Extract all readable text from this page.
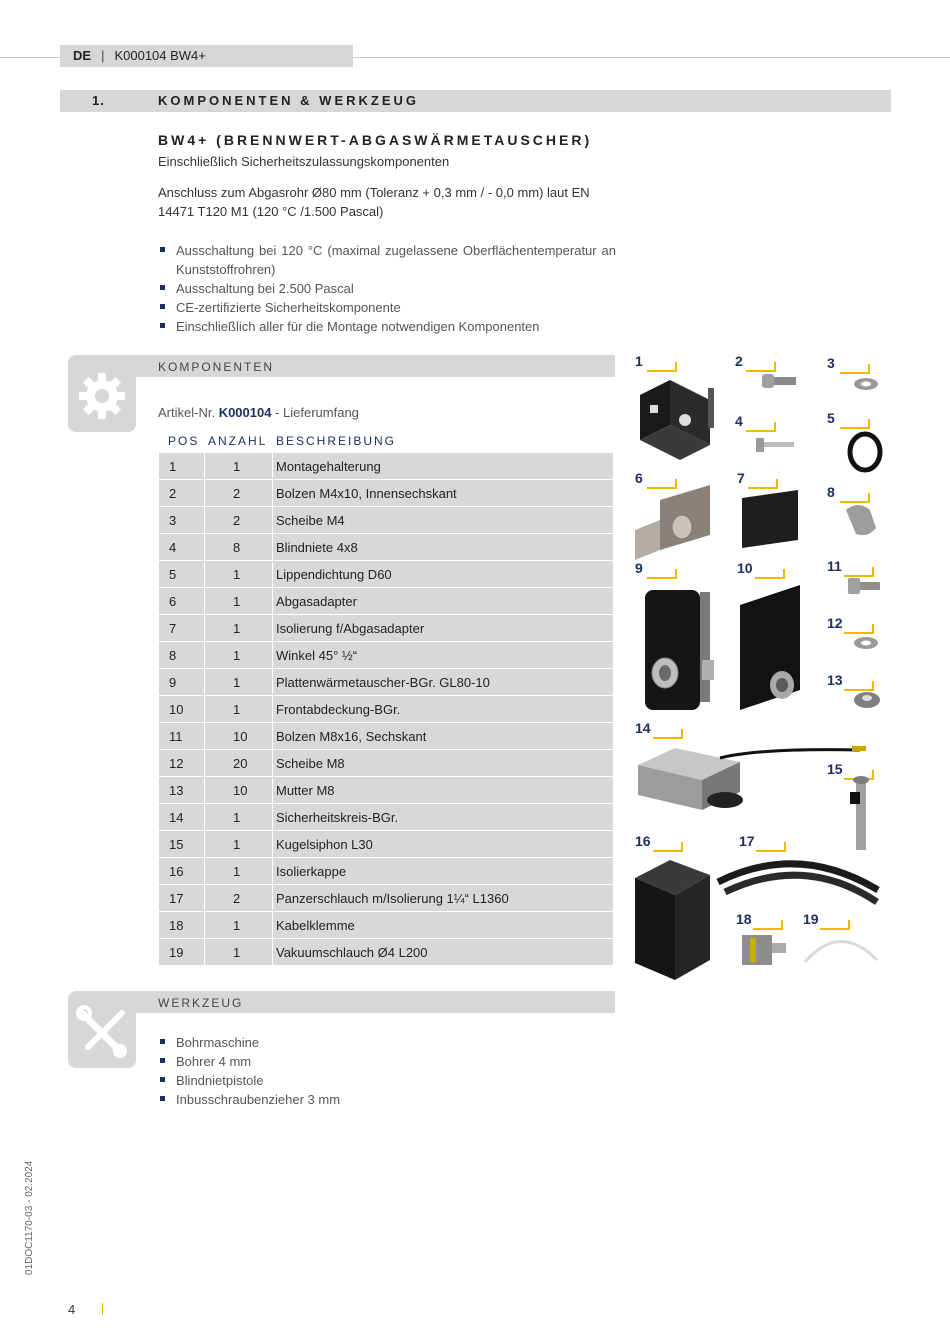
DE | K000104 BW4+
1.	KOMPONENTEN & WERKZEUG
BW4+ (BRENNWERT-ABGASWÄRMETAUSCHER)
Einschließlich Sicherheitszulassungskomponenten
Anschluss zum Abgasrohr Ø80 mm (Toleranz + 0,3 mm / - 0,0 mm) laut EN 14471 T120 M1 (120 °C /1.500 Pascal)
Ausschaltung bei 120 °C (maximal zugelassene Oberflächentemperatur an Kunststoffrohren)
Ausschaltung bei 2.500 Pascal
CE-zertifizierte Sicherheitskomponente
Einschließlich aller für die Montage notwendigen Komponenten
KOMPONENTEN
Artikel-Nr. K000104 - Lieferumfang
POS ANZAHL BESCHREIBUNG
1	1	Montagehalterung
2	2	Bolzen M4x10, Innensechskant
3	2	Scheibe M4
4	8	Blindniete 4x8
5	1	Lippendichtung D60
6	1	Abgasadapter
7	1	Isolierung f/Abgasadapter
8	1	Winkel 45° ½“
9	1	Plattenwärmetauscher-BGr. GL80-10
10	1	Frontabdeckung-BGr.
11	10	Bolzen M8x16, Sechskant
12	20	Scheibe M8
13	10	Mutter M8
14	1	Sicherheitskreis-BGr.
15	1	Kugelsiphon L30
16	1	Isolierkappe
17	2	Panzerschlauch m/Isolierung 1¼“ L1360
18	1	Kabelklemme
19	1	Vakuumschlauch Ø4 L200
WERKZEUG
Bohrmaschine
Bohrer 4 mm
Blindnietpistole
Inbusschraubenzieher 3 mm
1	2	3
4	5
6	7
8
9	10	11
12
13
14
15
16	17
18	19
01DOC1170-03 - 02.2024
4
